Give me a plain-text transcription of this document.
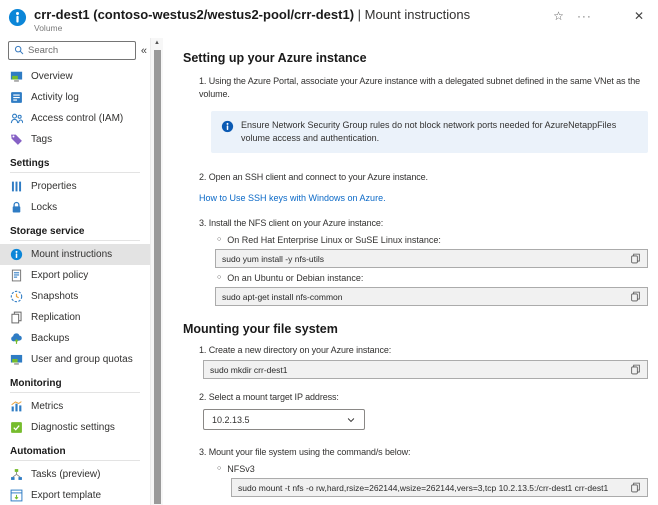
crr-dest1 (contoso-westus2/westus2-pool/crr-dest1) | Mount instructions
Volume
☆ ···	✕
Search
«
Overview
Activity log
Access control (IAM)
Tags
Settings
Properties
Locks
Storage service
Mount instructions
Export policy
Snapshots
Replication
Backups
User and group quotas
Monitoring
Metrics
Diagnostic settings
Automation
Tasks (preview)
Export template
▲
Setting up your Azure instance
1. Using the Azure Portal, associate your Azure instance with a delegated subnet defined in the same VNet as the volume.
Ensure Network Security Group rules do not block network ports needed for AzureNetappFiles volume access and authentication.
2. Open an SSH client and connect to your Azure instance.
How to Use SSH keys with Windows on Azure.
3. Install the NFS client on your Azure instance:
○ On Red Hat Enterprise Linux or SuSE Linux instance:
sudo yum install -y nfs-utils
○ On an Ubuntu or Debian instance:
sudo apt-get install nfs-common
Mounting your file system
1. Create a new directory on your Azure instance:
sudo mkdir crr-dest1
2. Select a mount target IP address:
10.2.13.5
3. Mount your file system using the command/s below:
○ NFSv3
sudo mount -t nfs -o rw,hard,rsize=262144,wsize=262144,vers=3,tcp 10.2.13.5:/crr-dest1 crr-dest1
